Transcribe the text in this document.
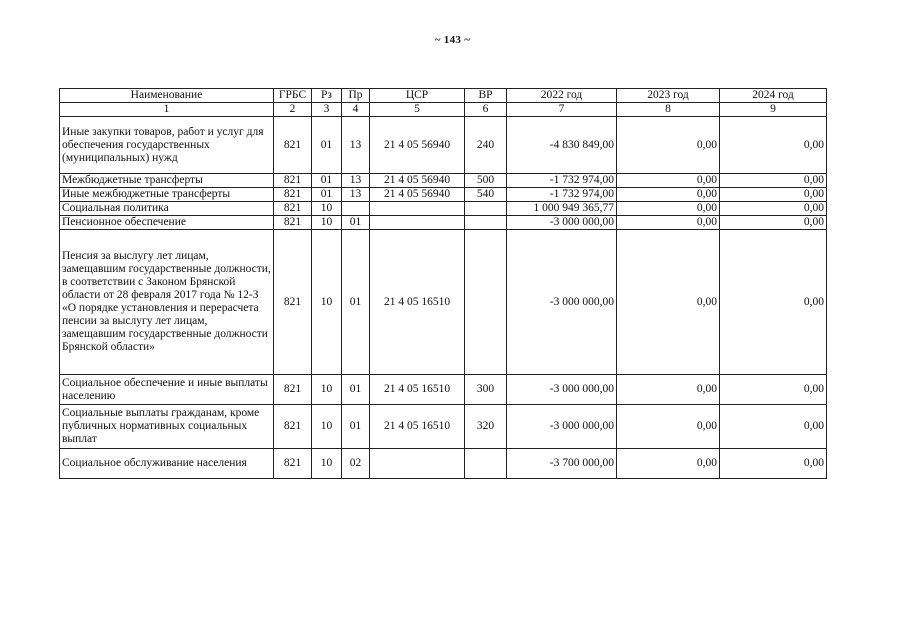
~ 143 ~
Наименование	ГРБС	Рз	Пр	ЦСР	ВР	2022 год	2023 год	2024 год
1	2	3	4	5	6	7	8	9
Иные закупки товаров, работ и услуг для обеспечения государственных (муниципальных) нужд	821	01	13	21 4 05 56940	240	-4 830 849,00	0,00	0,00
Межбюджетные трансферты	821	01	13	21 4 05 56940	500	-1 732 974,00	0,00	0,00
Иные межбюджетные трансферты	821	01	13	21 4 05 56940	540	-1 732 974,00	0,00	0,00
Социальная политика	821	10				1 000 949 365,77	0,00	0,00
Пенсионное обеспечение	821	10	01			-3 000 000,00	0,00	0,00
Пенсия за выслугу лет лицам, замещавшим государственные должности, в соответствии с Законом Брянской области от 28 февраля 2017 года № 12-З «О порядке установления и перерасчета пенсии за выслугу лет лицам, замещавшим государственные должности Брянской области»	821	10	01	21 4 05 16510		-3 000 000,00	0,00	0,00
Социальное обеспечение и иные выплаты населению	821	10	01	21 4 05 16510	300	-3 000 000,00	0,00	0,00
Социальные выплаты гражданам, кроме публичных нормативных социальных выплат	821	10	01	21 4 05 16510	320	-3 000 000,00	0,00	0,00
Социальное обслуживание населения	821	10	02			-3 700 000,00	0,00	0,00
